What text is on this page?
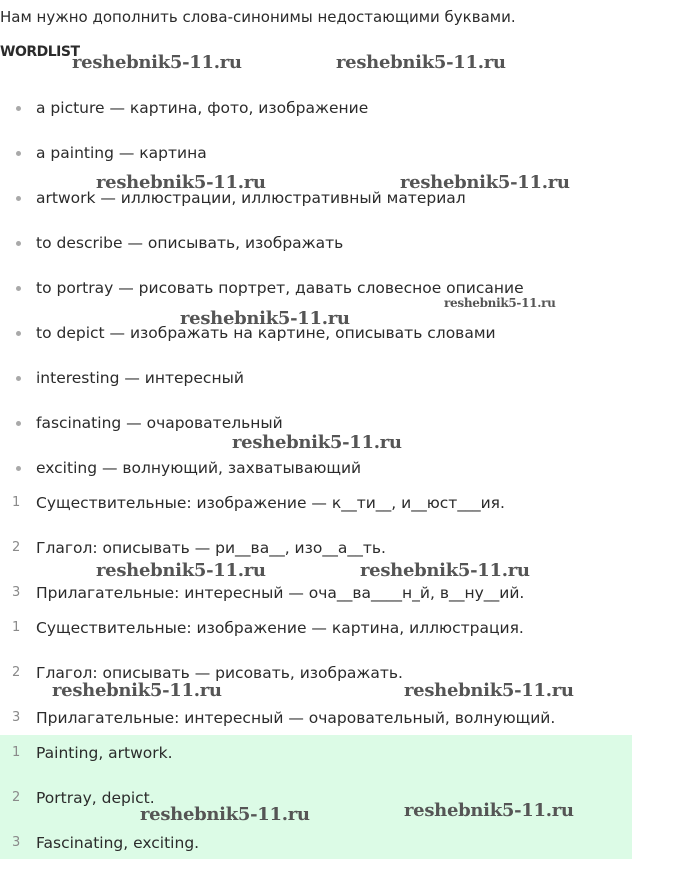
Нам нужно дополнить слова-синонимы недостающими буквами.
WORDLIST
a picture — картина, фото, изображение
a painting — картина
artwork — иллюстрации, иллюстративный материал
to describe — описывать, изображать
to portray — рисовать портрет, давать словесное описание
to depict — изображать на картине, описывать словами
interesting — интересный
fascinating — очаровательный
exciting — волнующий, захватывающий
1 Существительные: изображение — к__ти__, и__юст___ия.
2 Глагол: описывать — ри__ва__, изо__а__ть.
3 Прилагательные: интересный — оча__ва____н_й, в__ну__ий.
1 Существительные: изображение — картина, иллюстрация.
2 Глагол: описывать — рисовать, изображать.
3 Прилагательные: интересный — очаровательный, волнующий.
1 Painting, artwork.
2 Portray, depict.
3 Fascinating, exciting.
reshebnik5-11.ru	reshebnik5-11.ru
reshebnik5-11.ru	reshebnik5-11.ru
reshebnik5-11.ru
reshebnik5-11.ru
reshebnik5-11.ru
reshebnik5-11.ru	reshebnik5-11.ru
reshebnik5-11.ru	reshebnik5-11.ru
reshebnik5-11.ru	reshebnik5-11.ru
